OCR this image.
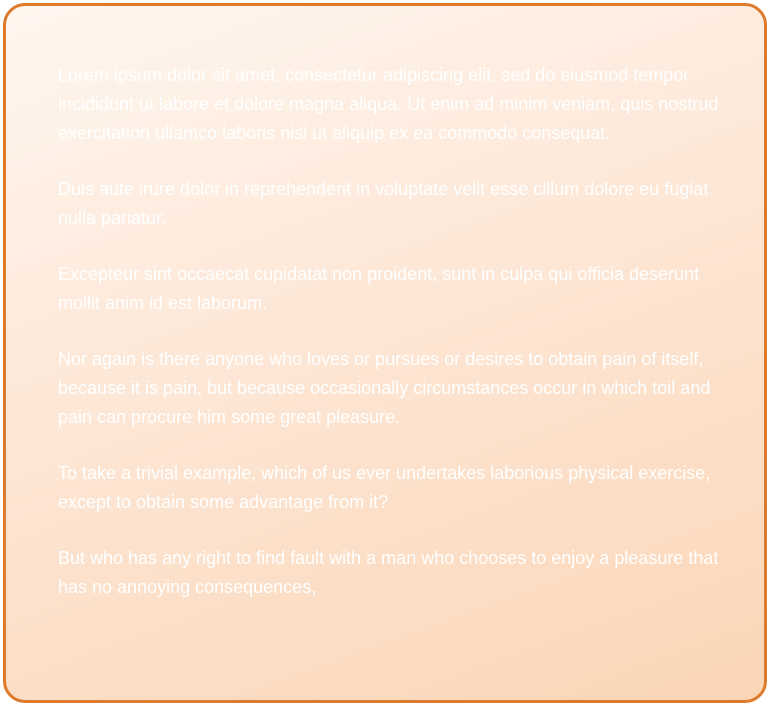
Lorem ipsum dolor sit amet, consectetur adipiscing elit, sed do eiusmod tempor incididunt ut labore et dolore magna aliqua. Ut enim ad minim veniam, quis nostrud exercitation ullamco laboris nisi ut aliquip ex ea commodo consequat.

Duis aute irure dolor in reprehenderit in voluptate velit esse cillum dolore eu fugiat nulla pariatur.

Excepteur sint occaecat cupidatat non proident, sunt in culpa qui officia deserunt mollit anim id est laborum.

Nor again is there anyone who loves or pursues or desires to obtain pain of itself, because it is pain, but because occasionally circumstances occur in which toil and pain can procure him some great pleasure.

To take a trivial example, which of us ever undertakes laborious physical exercise, except to obtain some advantage from it?

But who has any right to find fault with a man who chooses to enjoy a pleasure that has no annoying consequences,
